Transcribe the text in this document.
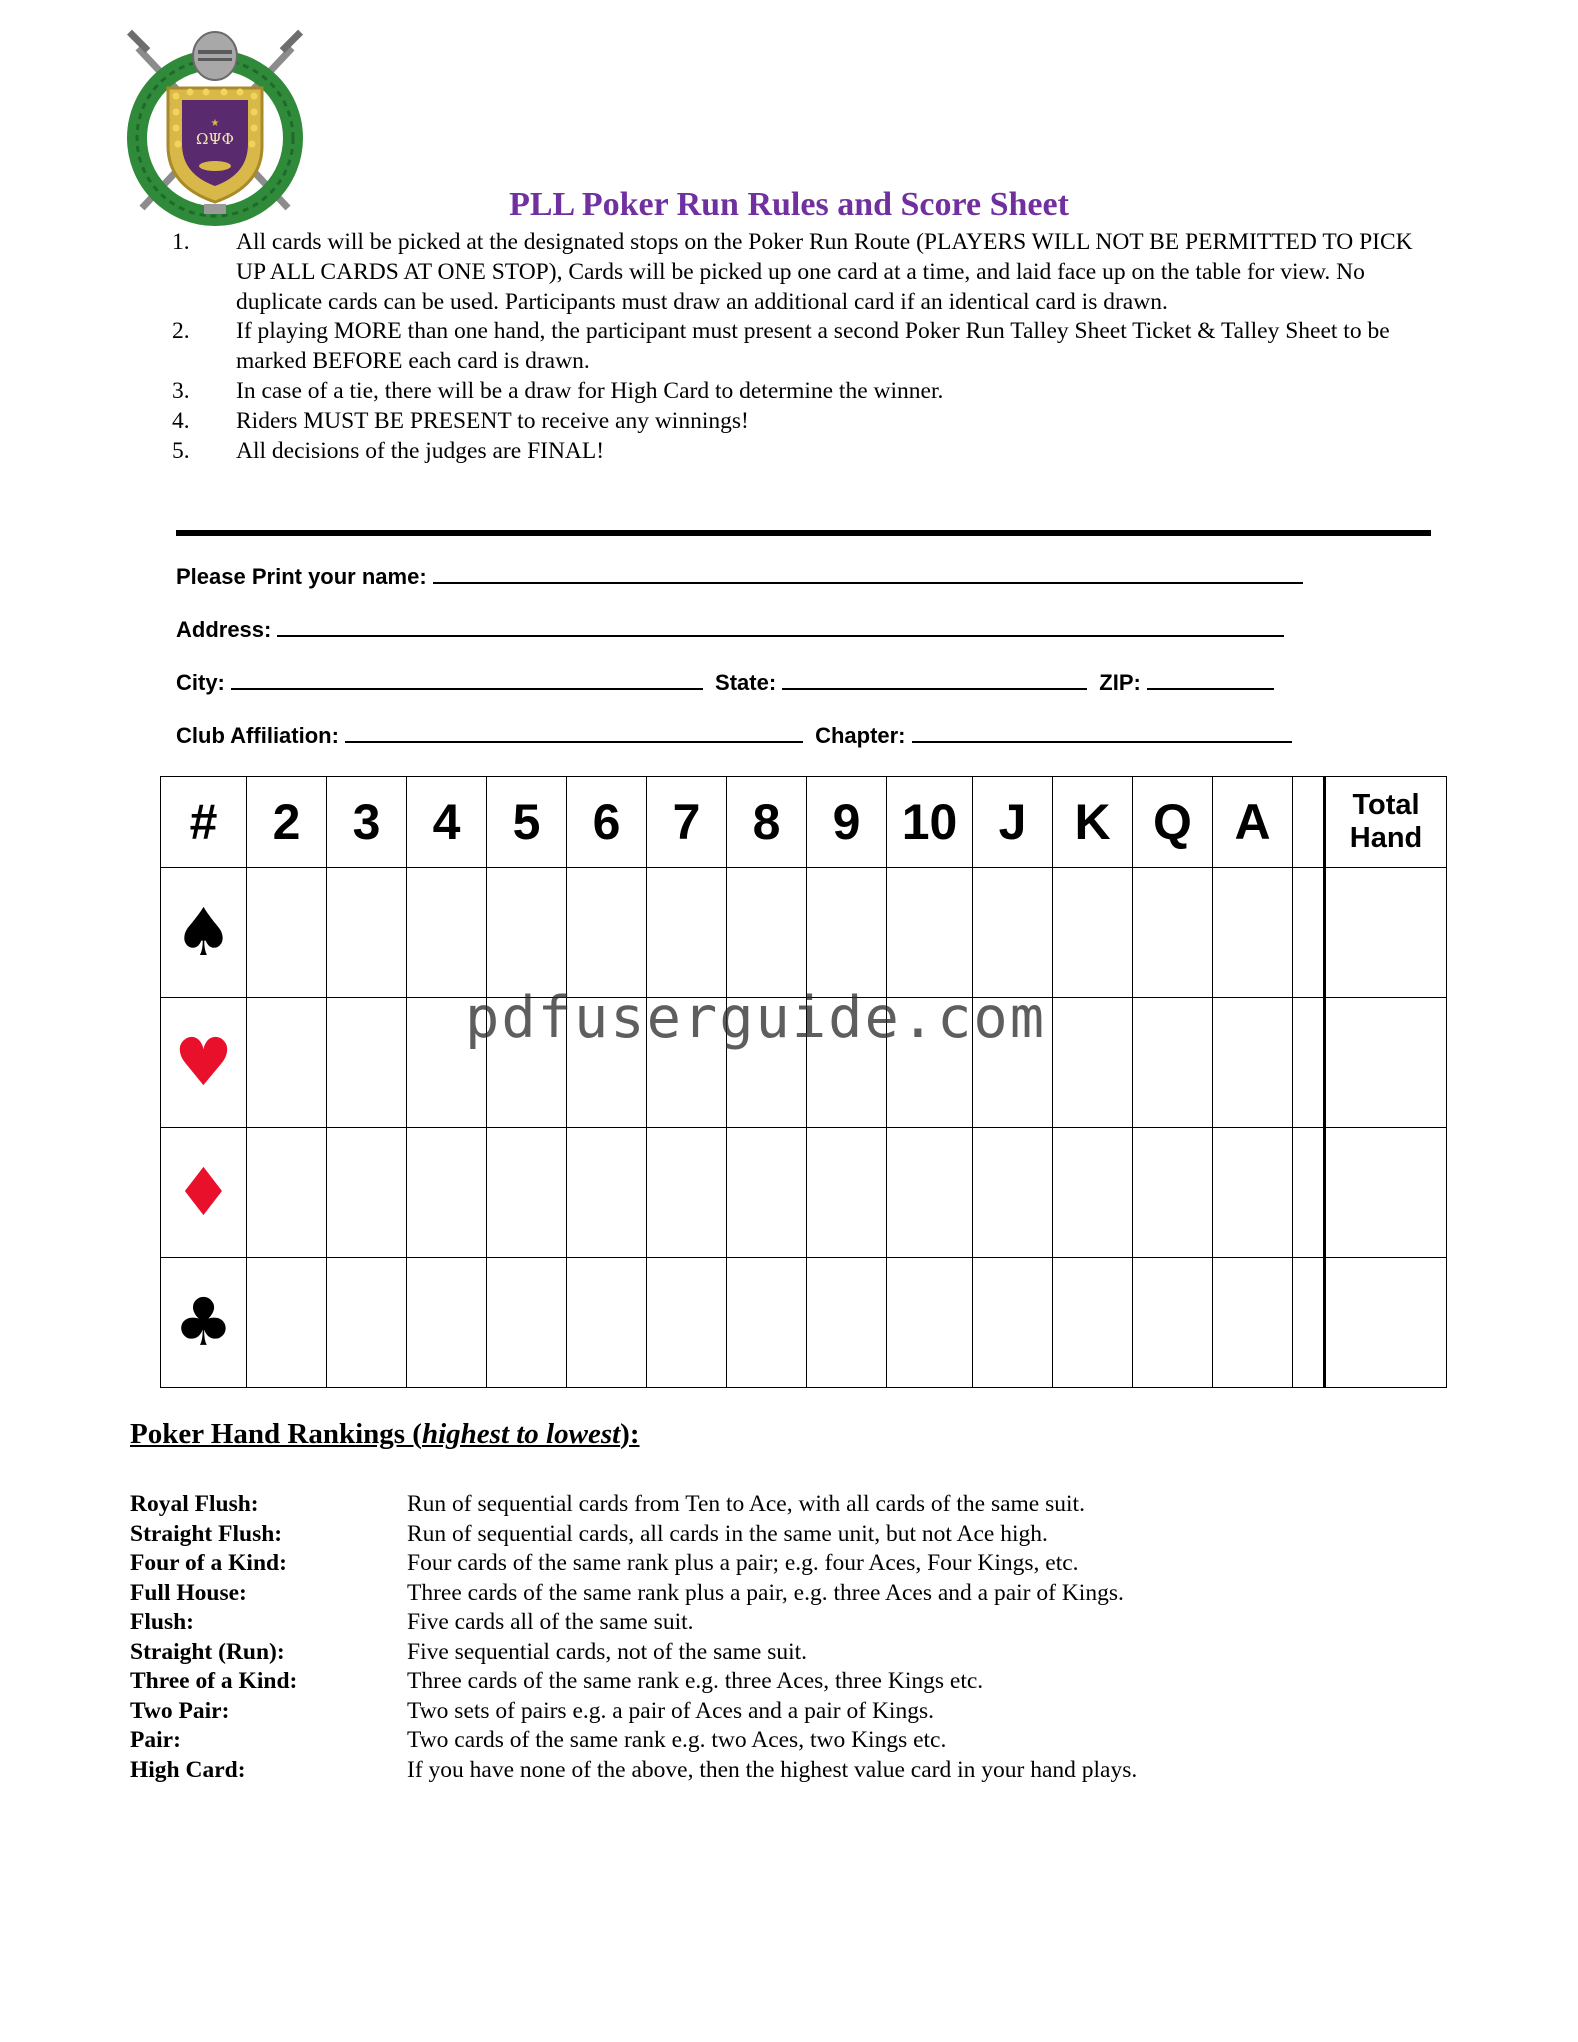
★
ΩΨΦ
PLL Poker Run Rules and Score Sheet
1. All cards will be picked at the designated stops on the Poker Run Route (PLAYERS WILL NOT BE PERMITTED TO PICK UP ALL CARDS AT ONE STOP), Cards will be picked up one card at a time, and laid face up on the table for view. No duplicate cards can be used. Participants must draw an additional card if an identical card is drawn.
2. If playing MORE than one hand, the participant must present a second Poker Run Talley Sheet Ticket & Talley Sheet to be marked BEFORE each card is drawn.
3. In case of a tie, there will be a draw for High Card to determine the winner.
4. Riders MUST BE PRESENT to receive any winnings!
5. All decisions of the judges are FINAL!
Please Print your name:
Address:
City:	State:	ZIP:
Club Affiliation:	Chapter:
#	2	3	4	5	6	7	8	9	10	J	K	Q	A		Total
Hand
♠															
♥															
♦															
♣															
pdfuserguide.com
Poker Hand Rankings (highest to lowest):
Royal Flush:	Run of sequential cards from Ten to Ace, with all cards of the same suit.
Straight Flush:	Run of sequential cards, all cards in the same unit, but not Ace high.
Four of a Kind:	Four cards of the same rank plus a pair; e.g. four Aces, Four Kings, etc.
Full House:	Three cards of the same rank plus a pair, e.g. three Aces and a pair of Kings.
Flush:	Five cards all of the same suit.
Straight (Run):	Five sequential cards, not of the same suit.
Three of a Kind:	Three cards of the same rank e.g. three Aces, three Kings etc.
Two Pair:	Two sets of pairs e.g. a pair of Aces and a pair of Kings.
Pair:	Two cards of the same rank e.g. two Aces, two Kings etc.
High Card:	If you have none of the above, then the highest value card in your hand plays.
